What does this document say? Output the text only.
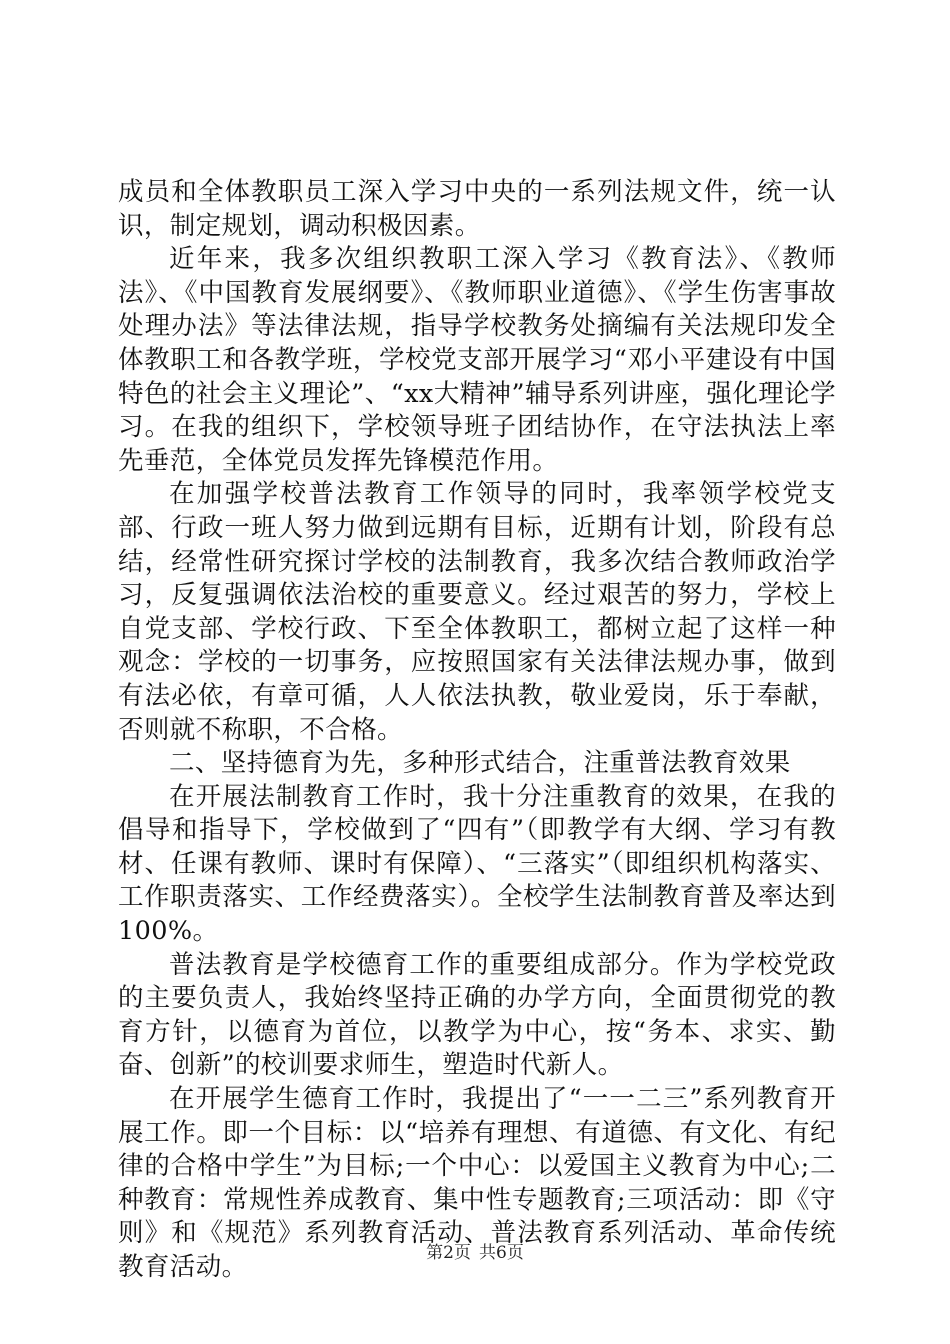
成员和全体教职员工深入学习中央的一系列法规文件，统一认识，制定规划，调动积极因素。

近年来，我多次组织教职工深入学习《教育法》、《教师法》、《中国教育发展纲要》、《教师职业道德》、《学生伤害事故处理办法》等法律法规，指导学校教务处摘编有关法规印发全体教职工和各教学班，学校党支部开展学习“邓小平建设有中国特色的社会主义理论”、“xx大精神”辅导系列讲座，强化理论学习。在我的组织下，学校领导班子团结协作，在守法执法上率先垂范，全体党员发挥先锋模范作用。

在加强学校普法教育工作领导的同时，我率领学校党支部、行政一班人努力做到远期有目标，近期有计划，阶段有总结，经常性研究探讨学校的法制教育，我多次结合教师政治学习，反复强调依法治校的重要意义。经过艰苦的努力，学校上自党支部、学校行政、下至全体教职工，都树立起了这样一种观念：学校的一切事务，应按照国家有关法律法规办事，做到有法必依，有章可循，人人依法执教，敬业爱岗，乐于奉献，否则就不称职，不合格。

二、坚持德育为先，多种形式结合，注重普法教育效果

在开展法制教育工作时，我十分注重教育的效果，在我的倡导和指导下，学校做到了“四有”（即教学有大纲、学习有教材、任课有教师、课时有保障）、“三落实”（即组织机构落实、工作职责落实、工作经费落实）。全校学生法制教育普及率达到100%。

普法教育是学校德育工作的重要组成部分。作为学校党政的主要负责人，我始终坚持正确的办学方向，全面贯彻党的教育方针，以德育为首位，以教学为中心，按“务本、求实、勤奋、创新”的校训要求师生，塑造时代新人。

在开展学生德育工作时，我提出了“一一二三”系列教育开展工作。即一个目标：以“培养有理想、有道德、有文化、有纪律的合格中学生”为目标;一个中心：以爱国主义教育为中心;二种教育：常规性养成教育、集中性专题教育;三项活动：即《守则》和《规范》系列教育活动、普法教育系列活动、革命传统教育活动。	第2页 共6页
